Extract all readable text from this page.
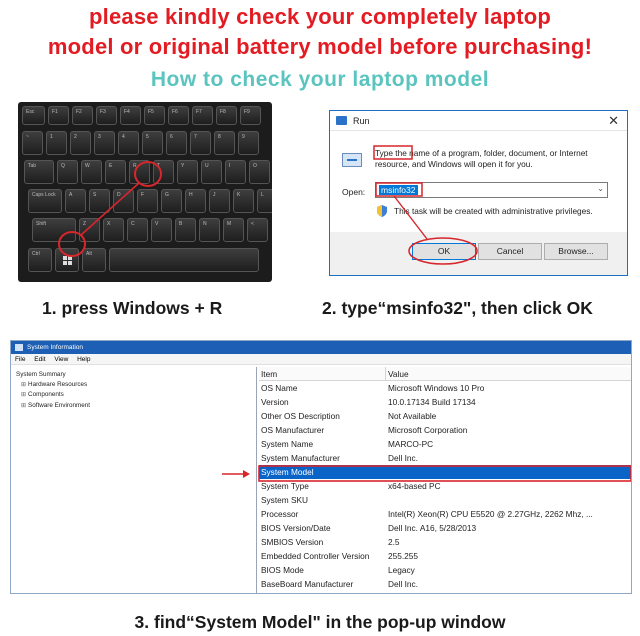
please kindly check your completely laptop
model or original battery model before purchasing!
How to check your laptop model
Esc	F1	F2	F3	F4	F5	F6	F7	F8	F9
~	1	2	3	4	5	6	7	8	9
Tab	Q	W	E	R	T	Y	U	I	O
Caps Lock	A	S	D	F	G	H	J	K	L
Shift	Z	X	C	V	B	N	M	<
Ctrl	Alt
1. press Windows + R	2. type“msinfo32", then click OK
Run	✕
Type the name of a program, folder, document, or Internet resource, and Windows will open it for you.
Open:	msinfo32	⌄
This task will be created with administrative privileges.
OK	Cancel	Browse...
System Information
File Edit View Help
System Summary
⊞ Hardware Resources
⊞ Components
⊞ Software Environment
Item	Value
OS Name	Microsoft Windows 10 Pro
Version	10.0.17134 Build 17134
Other OS Description	Not Available
OS Manufacturer	Microsoft Corporation
System Name	MARCO-PC
System Manufacturer	Dell Inc.
System Model
System Type	x64-based PC
System SKU
Processor	Intel(R) Xeon(R) CPU E5520 @ 2.27GHz, 2262 Mhz, ...
BIOS Version/Date	Dell Inc. A16, 5/28/2013
SMBIOS Version	2.5
Embedded Controller Version 255.255
BIOS Mode	Legacy
BaseBoard Manufacturer	Dell Inc.
3. find“System Model" in the pop-up window
